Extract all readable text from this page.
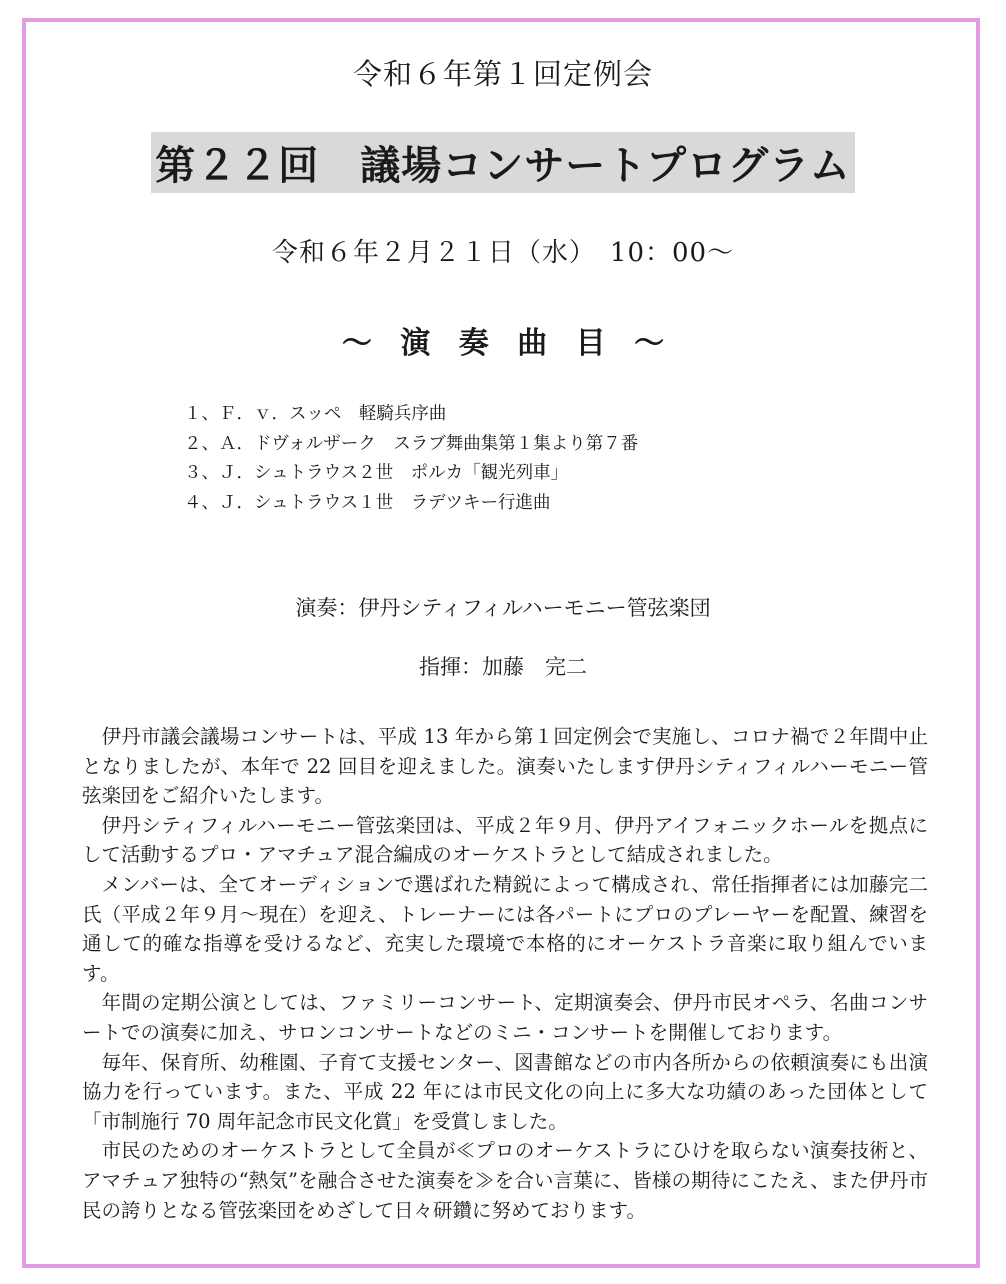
令和６年第１回定例会
第２２回　議場コンサートプログラム
令和６年２月２１日（水）　10：00～
～ 演 奏 曲 目 ～
１、Ｆ．ｖ．スッペ　軽騎兵序曲
２、Ａ．ドヴォルザーク　スラブ舞曲集第１集より第７番
３、Ｊ．シュトラウス２世　ポルカ「観光列車」
４、Ｊ．シュトラウス１世　ラデツキー行進曲
演奏：伊丹シティフィルハーモニー管弦楽団
指揮：加藤　完二

伊丹市議会議場コンサートは、平成 13 年から第１回定例会で実施し、コロナ禍で２年間中止となりましたが、本年で 22 回目を迎えました。演奏いたします伊丹シティフィルハーモニー管弦楽団をご紹介いたします。

伊丹シティフィルハーモニー管弦楽団は、平成２年９月、伊丹アイフォニックホールを拠点にして活動するプロ・アマチュア混合編成のオーケストラとして結成されました。

メンバーは、全てオーディションで選ばれた精鋭によって構成され、常任指揮者には加藤完二氏（平成２年９月～現在）を迎え、トレーナーには各パートにプロのプレーヤーを配置、練習を通して的確な指導を受けるなど、充実した環境で本格的にオーケストラ音楽に取り組んでいます。

年間の定期公演としては、ファミリーコンサート、定期演奏会、伊丹市民オペラ、名曲コンサートでの演奏に加え、サロンコンサートなどのミニ・コンサートを開催しております。

毎年、保育所、幼稚園、子育て支援センター、図書館などの市内各所からの依頼演奏にも出演協力を行っています。また、平成 22 年には市民文化の向上に多大な功績のあった団体として「市制施行 70 周年記念市民文化賞」を受賞しました。

市民のためのオーケストラとして全員が≪プロのオーケストラにひけを取らない演奏技術と、アマチュア独特の“熱気”を融合させた演奏を≫を合い言葉に、皆様の期待にこたえ、また伊丹市民の誇りとなる管弦楽団をめざして日々研鑽に努めております。
